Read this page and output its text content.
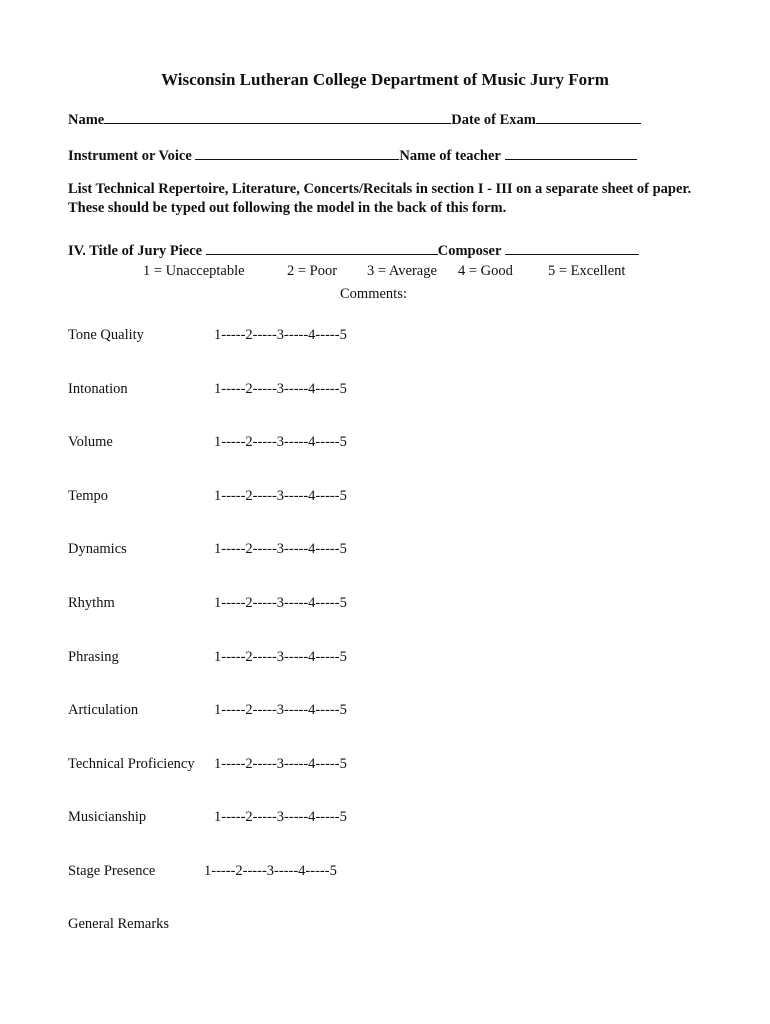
Wisconsin Lutheran College Department of Music Jury Form
Name	Date of Exam
Instrument or Voice	Name of teacher
List Technical Repertoire, Literature, Concerts/Recitals in section I - III on a separate sheet of paper. These should be typed out following the model in the back of this form.
IV. Title of Jury Piece	Composer
1 = Unacceptable	2 = Poor 3 = Average 4 = Good 5 = Excellent
Comments:
Tone Quality	1-----2-----3-----4-----5
Intonation	1-----2-----3-----4-----5
Volume	1-----2-----3-----4-----5
Tempo	1-----2-----3-----4-----5
Dynamics	1-----2-----3-----4-----5
Rhythm	1-----2-----3-----4-----5
Phrasing	1-----2-----3-----4-----5
Articulation	1-----2-----3-----4-----5
Technical Proficiency 1-----2-----3-----4-----5
Musicianship	1-----2-----3-----4-----5
Stage Presence	1-----2-----3-----4-----5
General Remarks
